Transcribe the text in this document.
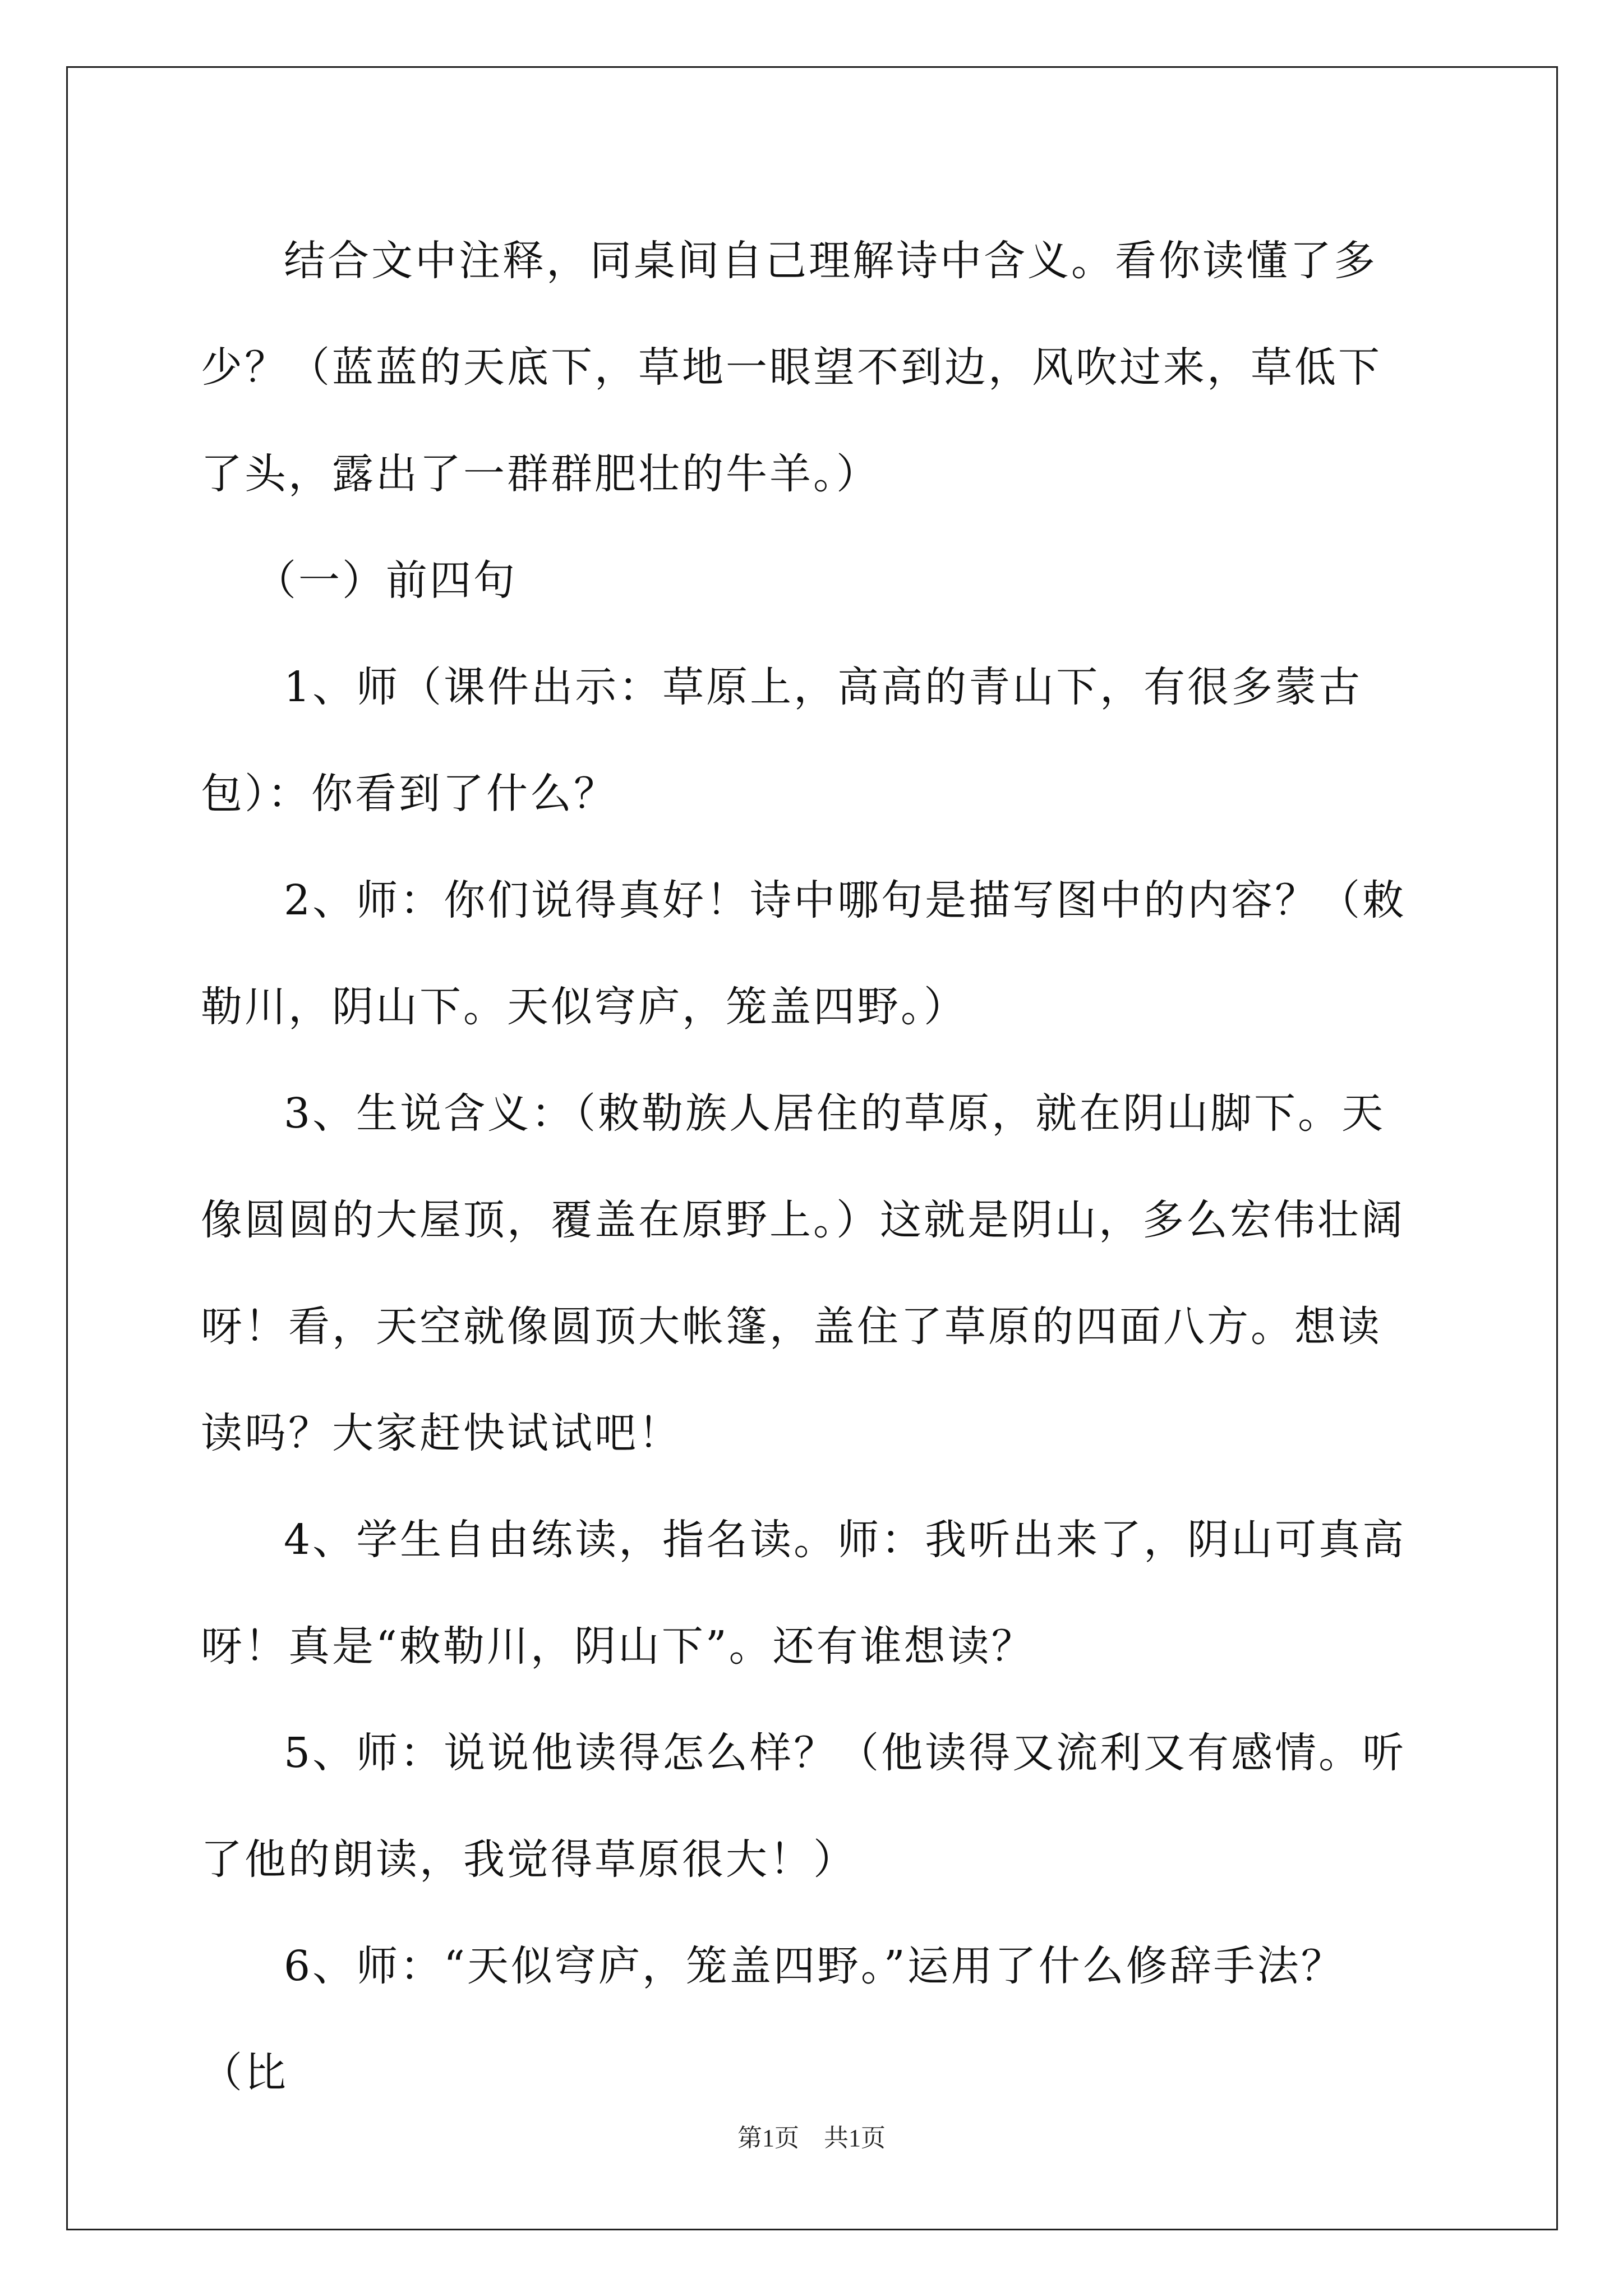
结合文中注释，同桌间自己理解诗中含义。看你读懂了多少？（蓝蓝的天底下，草地一眼望不到边，风吹过来，草低下了头，露出了一群群肥壮的牛羊。）

（一）前四句

1、师（课件出示：草原上，高高的青山下，有很多蒙古包）：你看到了什么？

2、师：你们说得真好！诗中哪句是描写图中的内容？（敕勒川，阴山下。天似穹庐，笼盖四野。）

3、生说含义：（敕勒族人居住的草原，就在阴山脚下。天像圆圆的大屋顶，覆盖在原野上。）这就是阴山，多么宏伟壮阔呀！看，天空就像圆顶大帐篷，盖住了草原的四面八方。想读读吗？大家赶快试试吧！

4、学生自由练读，指名读。师：我听出来了，阴山可真高呀！真是“敕勒川，阴山下”。还有谁想读？

5、师：说说他读得怎么样？（他读得又流利又有感情。听了他的朗读，我觉得草原很大！）

6、师：“天似穹庐，笼盖四野。”运用了什么修辞手法？（比

第1页　共1页
